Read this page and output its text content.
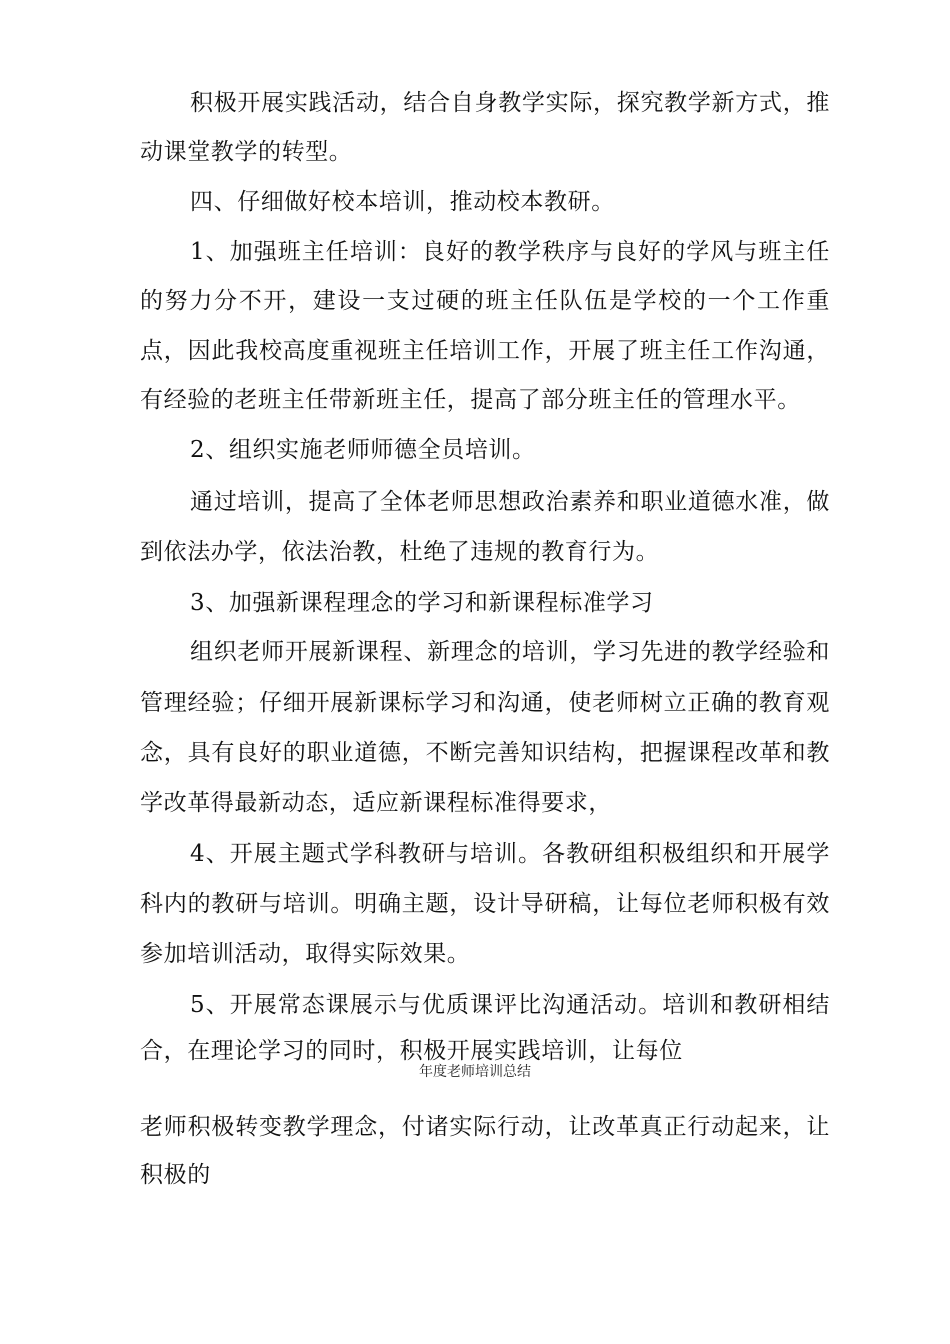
积极开展实践活动，结合自身教学实际，探究教学新方式，推
动课堂教学的转型。
四、仔细做好校本培训，推动校本教研。
1、加强班主任培训：良好的教学秩序与良好的学风与班主任
的努力分不开，建设一支过硬的班主任队伍是学校的一个工作重
点，因此我校高度重视班主任培训工作，开展了班主任工作沟通，
有经验的老班主任带新班主任，提高了部分班主任的管理水平。
2、组织实施老师师德全员培训。
通过培训，提高了全体老师思想政治素养和职业道德水准，做
到依法办学，依法治教，杜绝了违规的教育行为。
3、加强新课程理念的学习和新课程标准学习
组织老师开展新课程、新理念的培训，学习先进的教学经验和
管理经验；仔细开展新课标学习和沟通，使老师树立正确的教育观
念，具有良好的职业道德，不断完善知识结构，把握课程改革和教
学改革得最新动态，适应新课程标准得要求，
4、开展主题式学科教研与培训。各教研组积极组织和开展学
科内的教研与培训。明确主题，设计导研稿，让每位老师积极有效
参加培训活动，取得实际效果。
5、开展常态课展示与优质课评比沟通活动。培训和教研相结
合，在理论学习的同时，积极开展实践培训，让每位
年度老师培训总结
老师积极转变教学理念，付诸实际行动，让改革真正行动起来，让
积极的
